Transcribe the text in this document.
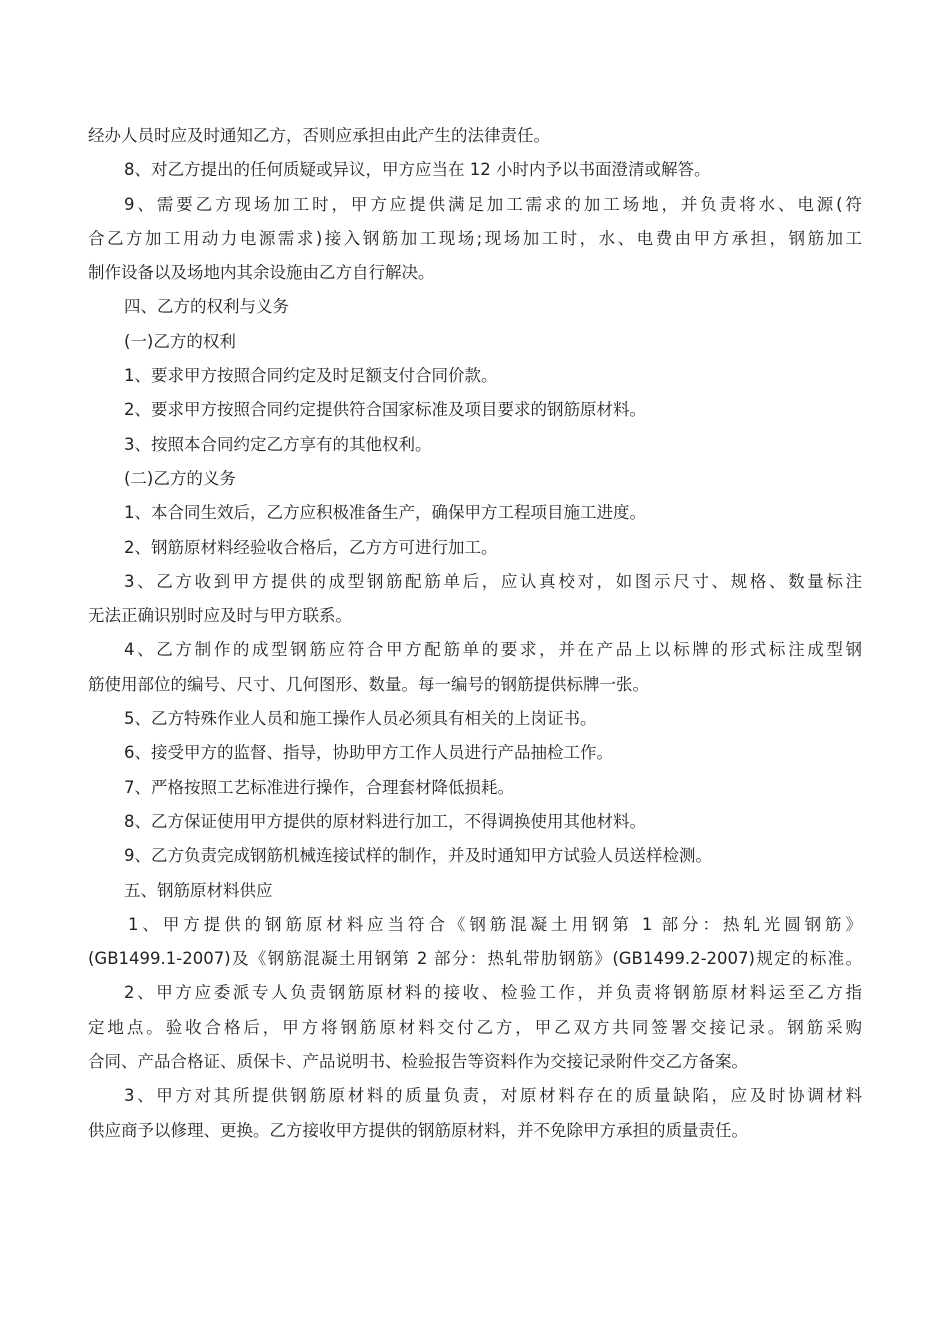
经办人员时应及时通知乙方，否则应承担由此产生的法律责任。

8、对乙方提出的任何质疑或异议，甲方应当在 12 小时内予以书面澄清或解答。

9、需要乙方现场加工时，甲方应提供满足加工需求的加工场地，并负责将水、电源(符

合乙方加工用动力电源需求)接入钢筋加工现场;现场加工时，水、电费由甲方承担，钢筋加工

制作设备以及场地内其余设施由乙方自行解决。

四、乙方的权利与义务

(一)乙方的权利

1、要求甲方按照合同约定及时足额支付合同价款。

2、要求甲方按照合同约定提供符合国家标准及项目要求的钢筋原材料。

3、按照本合同约定乙方享有的其他权利。

(二)乙方的义务

1、本合同生效后，乙方应积极准备生产，确保甲方工程项目施工进度。

2、钢筋原材料经验收合格后，乙方方可进行加工。

3、乙方收到甲方提供的成型钢筋配筋单后，应认真校对，如图示尺寸、规格、数量标注

无法正确识别时应及时与甲方联系。

4、乙方制作的成型钢筋应符合甲方配筋单的要求，并在产品上以标牌的形式标注成型钢

筋使用部位的编号、尺寸、几何图形、数量。每一编号的钢筋提供标牌一张。

5、乙方特殊作业人员和施工操作人员必须具有相关的上岗证书。

6、接受甲方的监督、指导，协助甲方工作人员进行产品抽检工作。

7、严格按照工艺标准进行操作，合理套材降低损耗。

8、乙方保证使用甲方提供的原材料进行加工，不得调换使用其他材料。

9、乙方负责完成钢筋机械连接试样的制作，并及时通知甲方试验人员送样检测。

五、钢筋原材料供应

1、甲方提供的钢筋原材料应当符合《钢筋混凝土用钢第 1 部分：热轧光圆钢筋》

(GB1499.1-2007)及《钢筋混凝土用钢第 2 部分：热轧带肋钢筋》(GB1499.2-2007)规定的标准。

2、甲方应委派专人负责钢筋原材料的接收、检验工作，并负责将钢筋原材料运至乙方指

定地点。验收合格后，甲方将钢筋原材料交付乙方，甲乙双方共同签署交接记录。钢筋采购

合同、产品合格证、质保卡、产品说明书、检验报告等资料作为交接记录附件交乙方备案。

3、甲方对其所提供钢筋原材料的质量负责，对原材料存在的质量缺陷，应及时协调材料

供应商予以修理、更换。乙方接收甲方提供的钢筋原材料，并不免除甲方承担的质量责任。
